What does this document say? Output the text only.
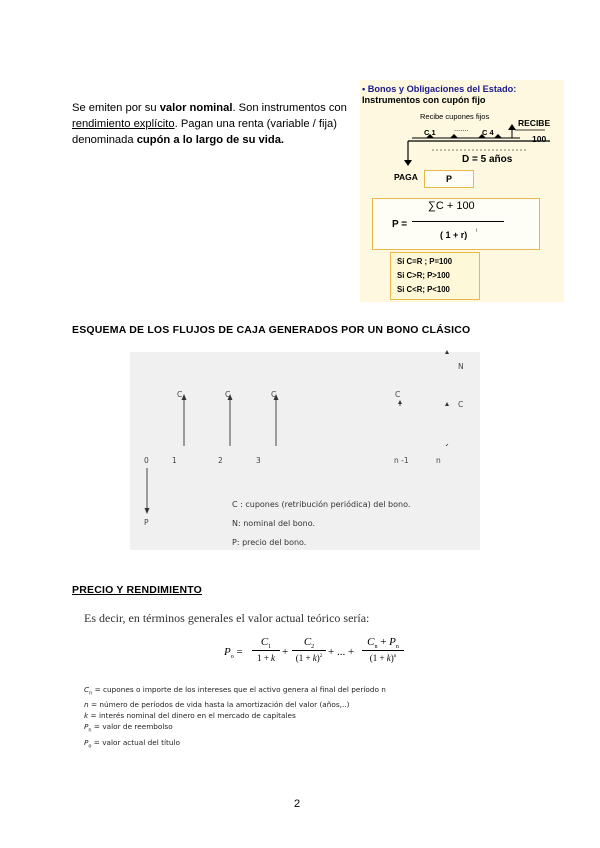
Se emiten por su valor nominal. Son instrumentos con rendimiento explícito. Pagan una renta (variable / fija) denominada cupón a lo largo de su vida.
• Bonos y Obligaciones del Estado:
Instrumentos con cupón fijo
Recibe cupones fijos
RECIBE
C 1 ....... C 4
100
D = 5 años
PAGA	P
P =
∑C + 100
( 1 + r) t
Si C=R ; P=100
Si C>R; P>100
Si C<R; P<100
ESQUEMA DE LOS FLUJOS DE CAJA GENERADOS POR UN BONO CLÁSICO
C	C	C	C
C
N
0	1	2	3	n -1	n
P
C : cupones (retribución periódica) del bono.
N: nominal del bono.
P: precio del bono.
PRECIO Y RENDIMIENTO
Es decir, en términos generales el valor actual teórico sería:
$P_o$ =
$C_1$
1 + k +
$C_2$
$(1 + k)^2$ + ... +
$C_n + P_n$
$(1 + k)^n$
$C_n$ = cupones o importe de los intereses que el activo genera al final del período n
n = número de períodos de vida hasta la amortización del valor (años,..)
k = interés nominal del dinero en el mercado de capitales
$P_n$ = valor de reembolso
$P_o$ = valor actual del título
2
